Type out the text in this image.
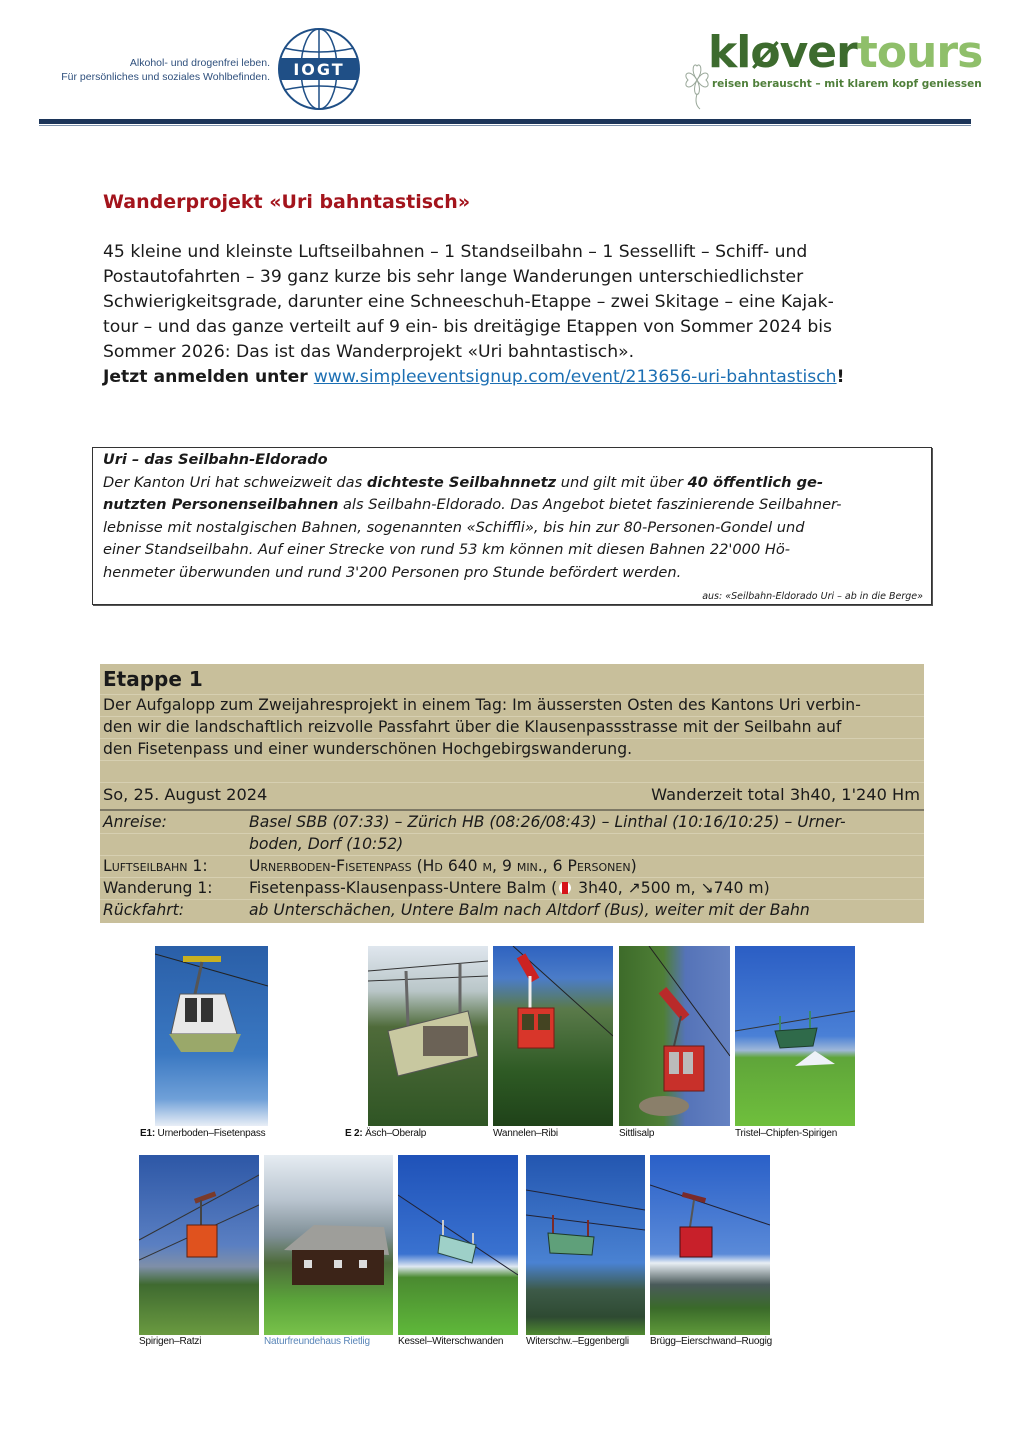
Alkohol- und drogenfrei leben.
Für persönliches und soziales Wohlbefinden. IOGT	kløvertours
reisen berauscht – mit klarem kopf geniessen
Wanderprojekt «Uri bahntastisch»

45 kleine und kleinste Luftseilbahnen – 1 Standseilbahn – 1 Sessellift – Schiff- und

Postautofahrten – 39 ganz kurze bis sehr lange Wanderungen unterschiedlichster

Schwierigkeitsgrade, darunter eine Schneeschuh-Etappe – zwei Skitage – eine Kajak-

tour – und das ganze verteilt auf 9 ein- bis dreitägige Etappen von Sommer 2024 bis

Sommer 2026: Das ist das Wanderprojekt «Uri bahntastisch».

Jetzt anmelden unter www.simpleeventsignup.com/event/213656-uri-bahntastisch!

Uri – das Seilbahn-Eldorado
Der Kanton Uri hat schweizweit das dichteste Seilbahnnetz und gilt mit über 40 öffentlich ge-
nutzten Personenseilbahnen als Seilbahn-Eldorado. Das Angebot bietet faszinierende Seilbahner-
lebnisse mit nostalgischen Bahnen, sogenannten «Schiffli», bis hin zur 80-Personen-Gondel und
einer Standseilbahn. Auf einer Strecke von rund 53 km können mit diesen Bahnen 22'000 Hö-
henmeter überwunden und rund 3'200 Personen pro Stunde befördert werden.
aus: «Seilbahn-Eldorado Uri – ab in die Berge»
Etappe 1
Der Aufgalopp zum Zweijahresprojekt in einem Tag: Im äussersten Osten des Kantons Uri verbin-
den wir die landschaftlich reizvolle Passfahrt über die Klausenpassstrasse mit der Seilbahn auf
den Fisetenpass und einer wunderschönen Hochgebirgswanderung.
So, 25. August 2024	Wanderzeit total 3h40, 1'240 Hm
Anreise:	Basel SBB (07:33) – Zürich HB (08:26/08:43) – Linthal (10:16/10:25) – Urner-
boden, Dorf (10:52)
Luftseilbahn 1:	Urnerboden-Fisetenpass (Hd 640 m, 9 min., 6 Personen)
Wanderung 1: Fisetenpass-Klausenpass-Untere Balm ( 3h40, ↗500 m, ↘740 m)
Rückfahrt:	ab Unterschächen, Untere Balm nach Altdorf (Bus), weiter mit der Bahn
E1: Urnerboden–Fisetenpass	E 2: Äsch–Oberalp	Wannelen–Ribi	Sittlisalp	Tristel–Chipfen-Spirigen
Spirigen–Ratzi	Naturfreundehaus Rietlig	Kessel–Witerschwanden Witerschw.–Eggenbergli Brügg–Eierschwand–Ruogig
